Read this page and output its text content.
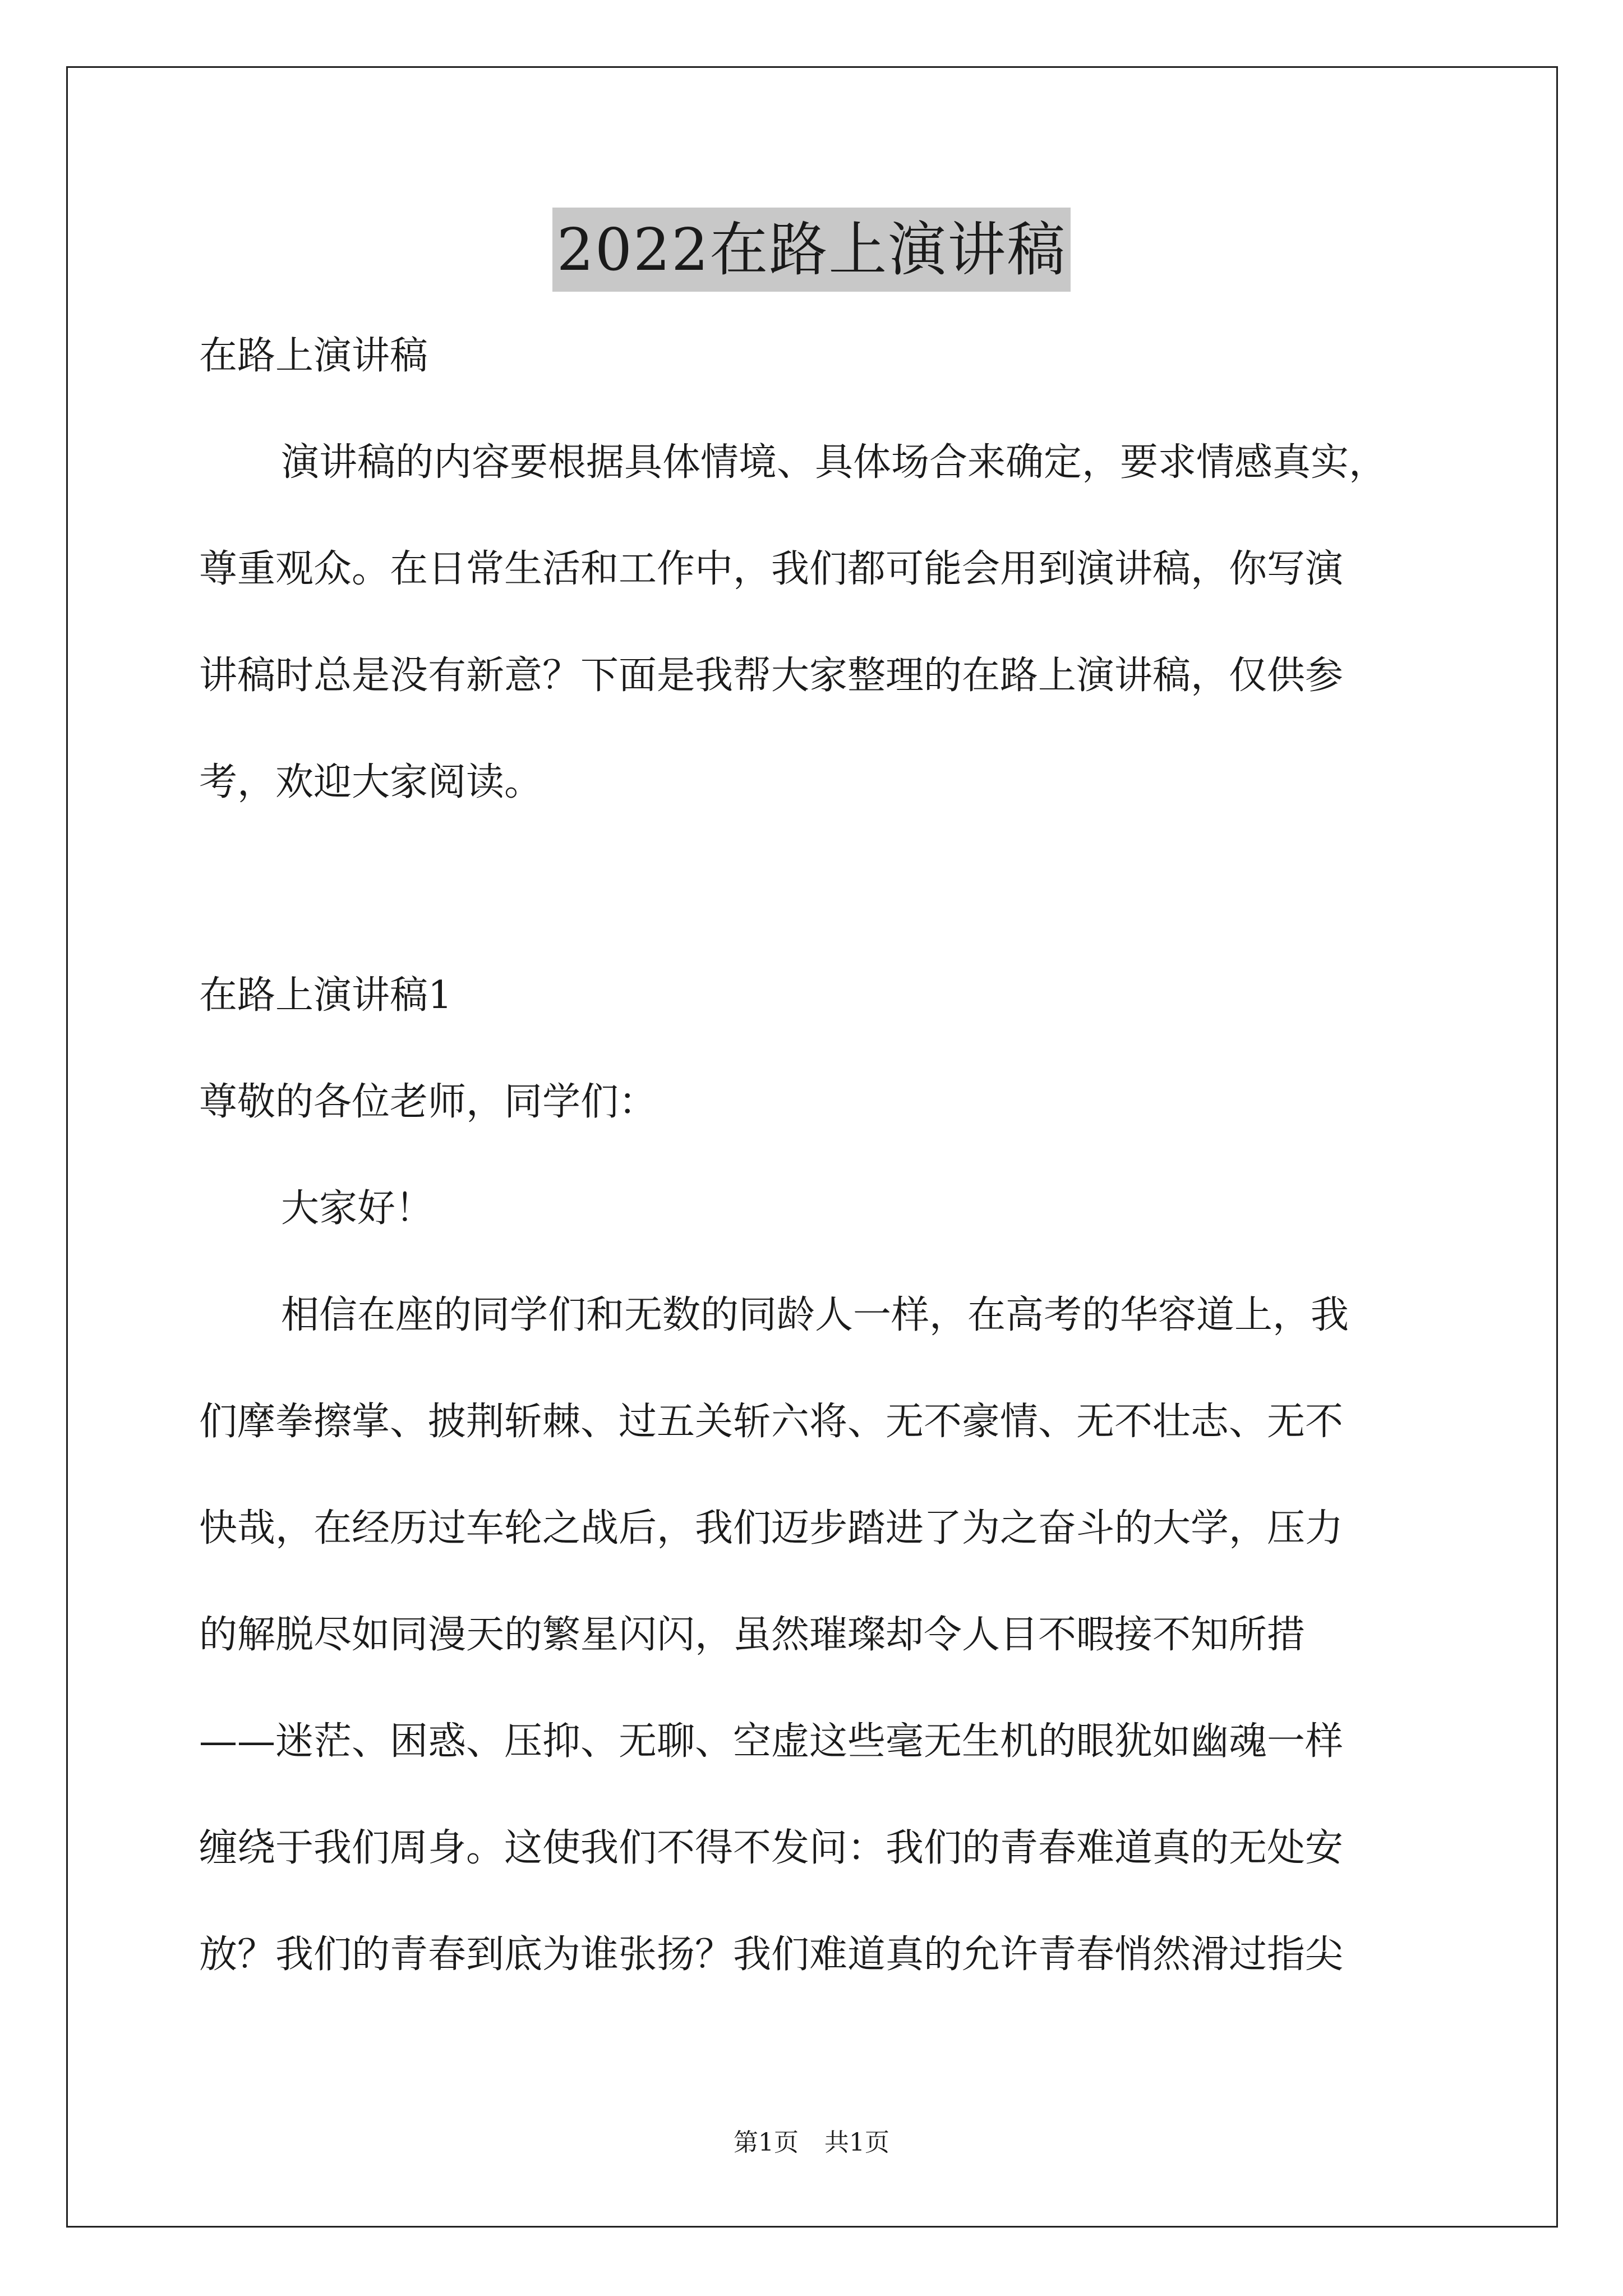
2022在路上演讲稿

在路上演讲稿

演讲稿的内容要根据具体情境、具体场合来确定，要求情感真实，

尊重观众。在日常生活和工作中，我们都可能会用到演讲稿，你写演

讲稿时总是没有新意？下面是我帮大家整理的在路上演讲稿，仅供参

考，欢迎大家阅读。

在路上演讲稿1

尊敬的各位老师，同学们：

大家好！

相信在座的同学们和无数的同龄人一样，在高考的华容道上，我

们摩拳擦掌、披荆斩棘、过五关斩六将、无不豪情、无不壮志、无不

快哉，在经历过车轮之战后，我们迈步踏进了为之奋斗的大学，压力

的解脱尽如同漫天的繁星闪闪，虽然璀璨却令人目不暇接不知所措

——迷茫、困惑、压抑、无聊、空虚这些毫无生机的眼犹如幽魂一样

缠绕于我们周身。这使我们不得不发问：我们的青春难道真的无处安

放？我们的青春到底为谁张扬？我们难道真的允许青春悄然滑过指尖

第1页 共1页
